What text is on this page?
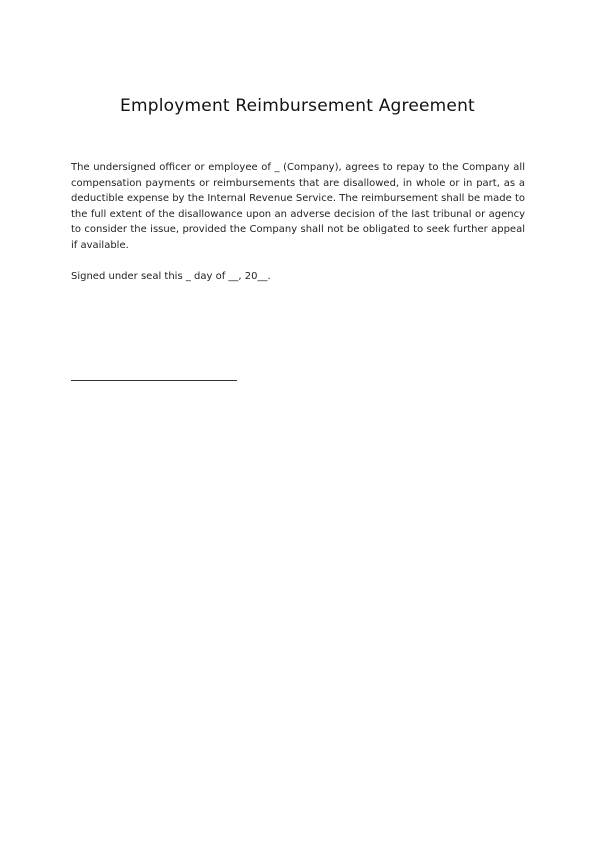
Employment Reimbursement Agreement

The undersigned officer or employee of _ (Company), agrees to repay to the Company all compensation payments or reimbursements that are disallowed, in whole or in part, as a deductible expense by the Internal Revenue Service. The reimbursement shall be made to the full extent of the disallowance upon an adverse decision of the last tribunal or agency to consider the issue, provided the Company shall not be obligated to seek further appeal if available.

Signed under seal this _ day of __, 20__.
